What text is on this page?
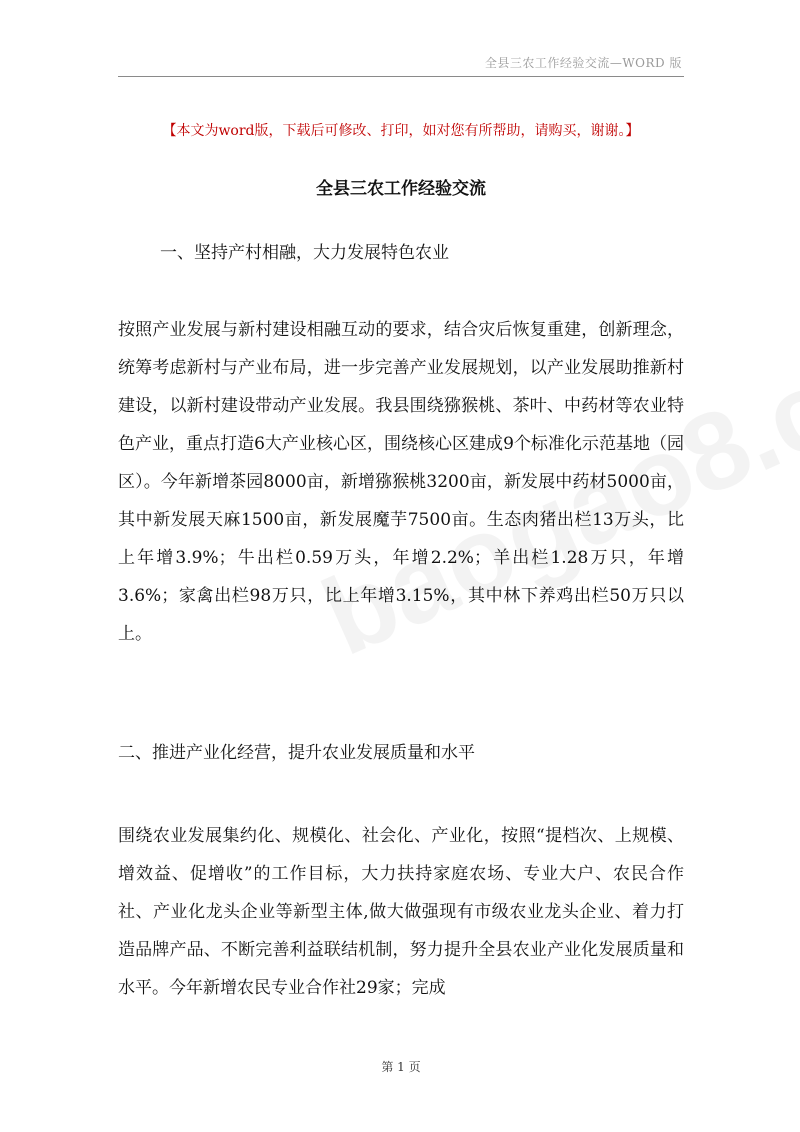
全县三农工作经验交流—WORD 版
【本文为word版，下载后可修改、打印，如对您有所帮助，请购买，谢谢。】
全县三农工作经验交流
一、坚持产村相融，大力发展特色农业

按照产业发展与新村建设相融互动的要求，结合灾后恢复重建，创新理念，统筹考虑新村与产业布局，进一步完善产业发展规划，以产业发展助推新村建设，以新村建设带动产业发展。我县围绕猕猴桃、茶叶、中药材等农业特色产业，重点打造6大产业核心区，围绕核心区建成9个标准化示范基地（园区）。今年新增茶园8000亩，新增猕猴桃3200亩，新发展中药材5000亩，其中新发展天麻1500亩，新发展魔芋7500亩。生态肉猪出栏13万头，比上年增3.9%；牛出栏0.59万头，年增2.2%；羊出栏1.28万只，年增3.6%；家禽出栏98万只，比上年增3.15%，其中林下养鸡出栏50万只以上。

二、推进产业化经营，提升农业发展质量和水平

围绕农业发展集约化、规模化、社会化、产业化，按照“提档次、上规模、增效益、促增收”的工作目标，大力扶持家庭农场、专业大户、农民合作社、产业化龙头企业等新型主体,做大做强现有市级农业龙头企业、着力打造品牌产品、不断完善利益联结机制，努力提升全县农业产业化发展质量和水平。今年新增农民专业合作社29家；完成

第 1 页
